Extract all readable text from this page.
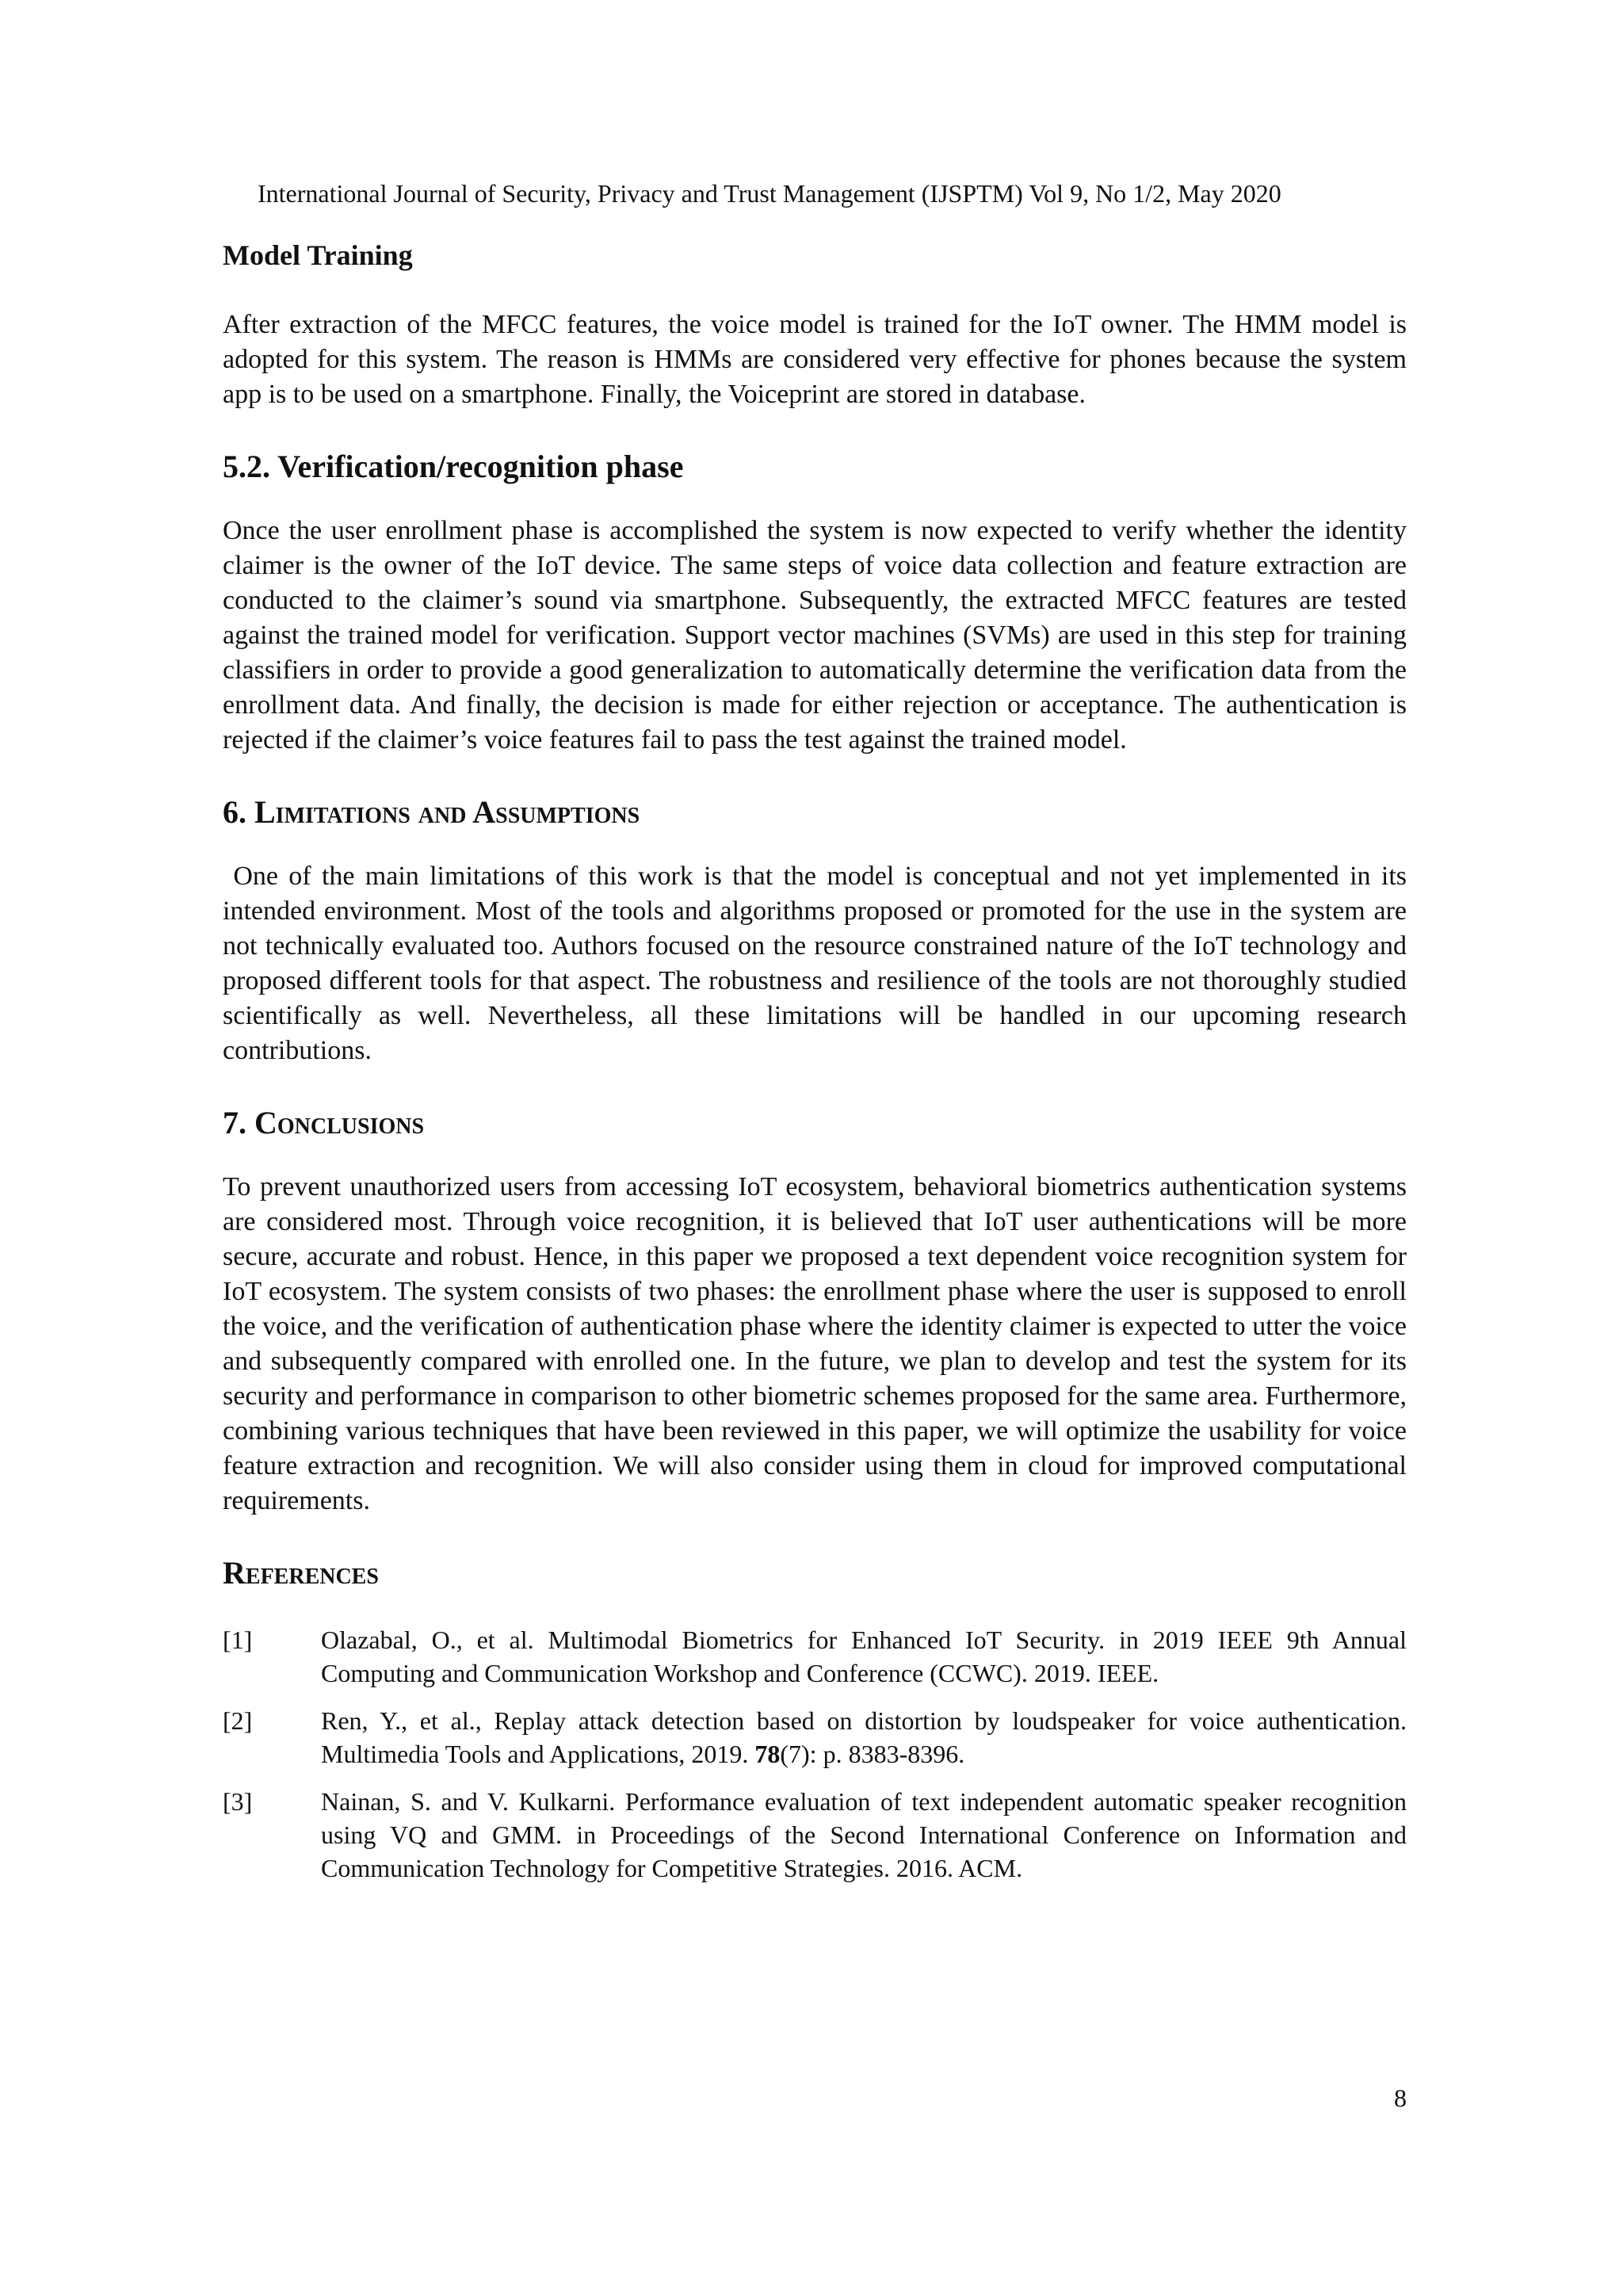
International Journal of Security, Privacy and Trust Management (IJSPTM) Vol 9, No 1/2, May 2020
Model Training

After extraction of the MFCC features, the voice model is trained for the IoT owner. The HMM model is adopted for this system. The reason is HMMs are considered very effective for phones because the system app is to be used on a smartphone. Finally, the Voiceprint are stored in database.

5.2. Verification/recognition phase

Once the user enrollment phase is accomplished the system is now expected to verify whether the identity claimer is the owner of the IoT device. The same steps of voice data collection and feature extraction are conducted to the claimer’s sound via smartphone. Subsequently, the extracted MFCC features are tested against the trained model for verification. Support vector machines (SVMs) are used in this step for training classifiers in order to provide a good generalization to automatically determine the verification data from the enrollment data. And finally, the decision is made for either rejection or acceptance. The authentication is rejected if the claimer’s voice features fail to pass the test against the trained model.

6. Limitations and Assumptions

One of the main limitations of this work is that the model is conceptual and not yet implemented in its intended environment. Most of the tools and algorithms proposed or promoted for the use in the system are not technically evaluated too. Authors focused on the resource constrained nature of the IoT technology and proposed different tools for that aspect. The robustness and resilience of the tools are not thoroughly studied scientifically as well. Nevertheless, all these limitations will be handled in our upcoming research contributions.

7. Conclusions

To prevent unauthorized users from accessing IoT ecosystem, behavioral biometrics authentication systems are considered most. Through voice recognition, it is believed that IoT user authentications will be more secure, accurate and robust. Hence, in this paper we proposed a text dependent voice recognition system for IoT ecosystem. The system consists of two phases: the enrollment phase where the user is supposed to enroll the voice, and the verification of authentication phase where the identity claimer is expected to utter the voice and subsequently compared with enrolled one. In the future, we plan to develop and test the system for its security and performance in comparison to other biometric schemes proposed for the same area. Furthermore, combining various techniques that have been reviewed in this paper, we will optimize the usability for voice feature extraction and recognition. We will also consider using them in cloud for improved computational requirements.

References
[1]	Olazabal, O., et al. Multimodal Biometrics for Enhanced IoT Security. in 2019 IEEE 9th Annual Computing and Communication Workshop and Conference (CCWC). 2019. IEEE.
[2]	Ren, Y., et al., Replay attack detection based on distortion by loudspeaker for voice authentication. Multimedia Tools and Applications, 2019. 78(7): p. 8383-8396.
[3]	Nainan, S. and V. Kulkarni. Performance evaluation of text independent automatic speaker recognition using VQ and GMM. in Proceedings of the Second International Conference on Information and Communication Technology for Competitive Strategies. 2016. ACM.
8
